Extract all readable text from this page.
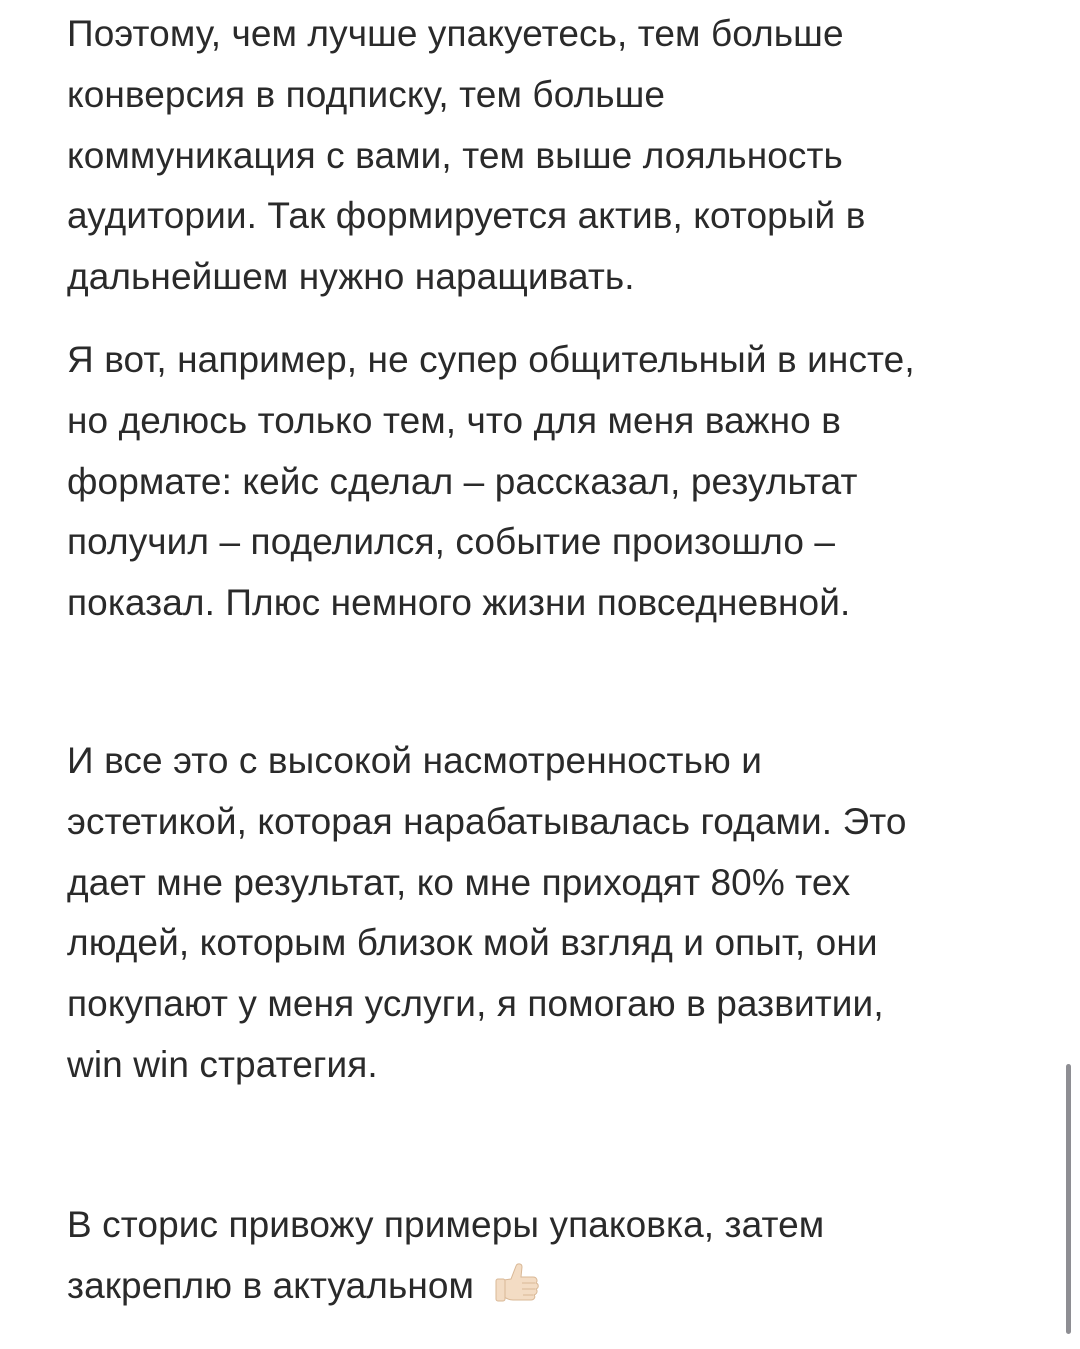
Поэтому, чем лучше упакуетесь, тем больше
конверсия в подписку, тем больше
коммуникация с вами, тем выше лояльность
аудитории. Так формируется актив, который в
дальнейшем нужно наращивать.

Я вот, например, не супер общительный в инсте,
но делюсь только тем, что для меня важно в
формате: кейс сделал – рассказал, результат
получил – поделился, событие произошло –
показал. Плюс немного жизни повседневной.

И все это с высокой насмотренностью и
эстетикой, которая нарабатывалась годами. Это
дает мне результат, ко мне приходят 80% тех
людей, которым близок мой взгляд и опыт, они
покупают у меня услуги, я помогаю в развитии,
win win стратегия.

В сторис привожу примеры упаковка, затем
закреплю в актуальном
